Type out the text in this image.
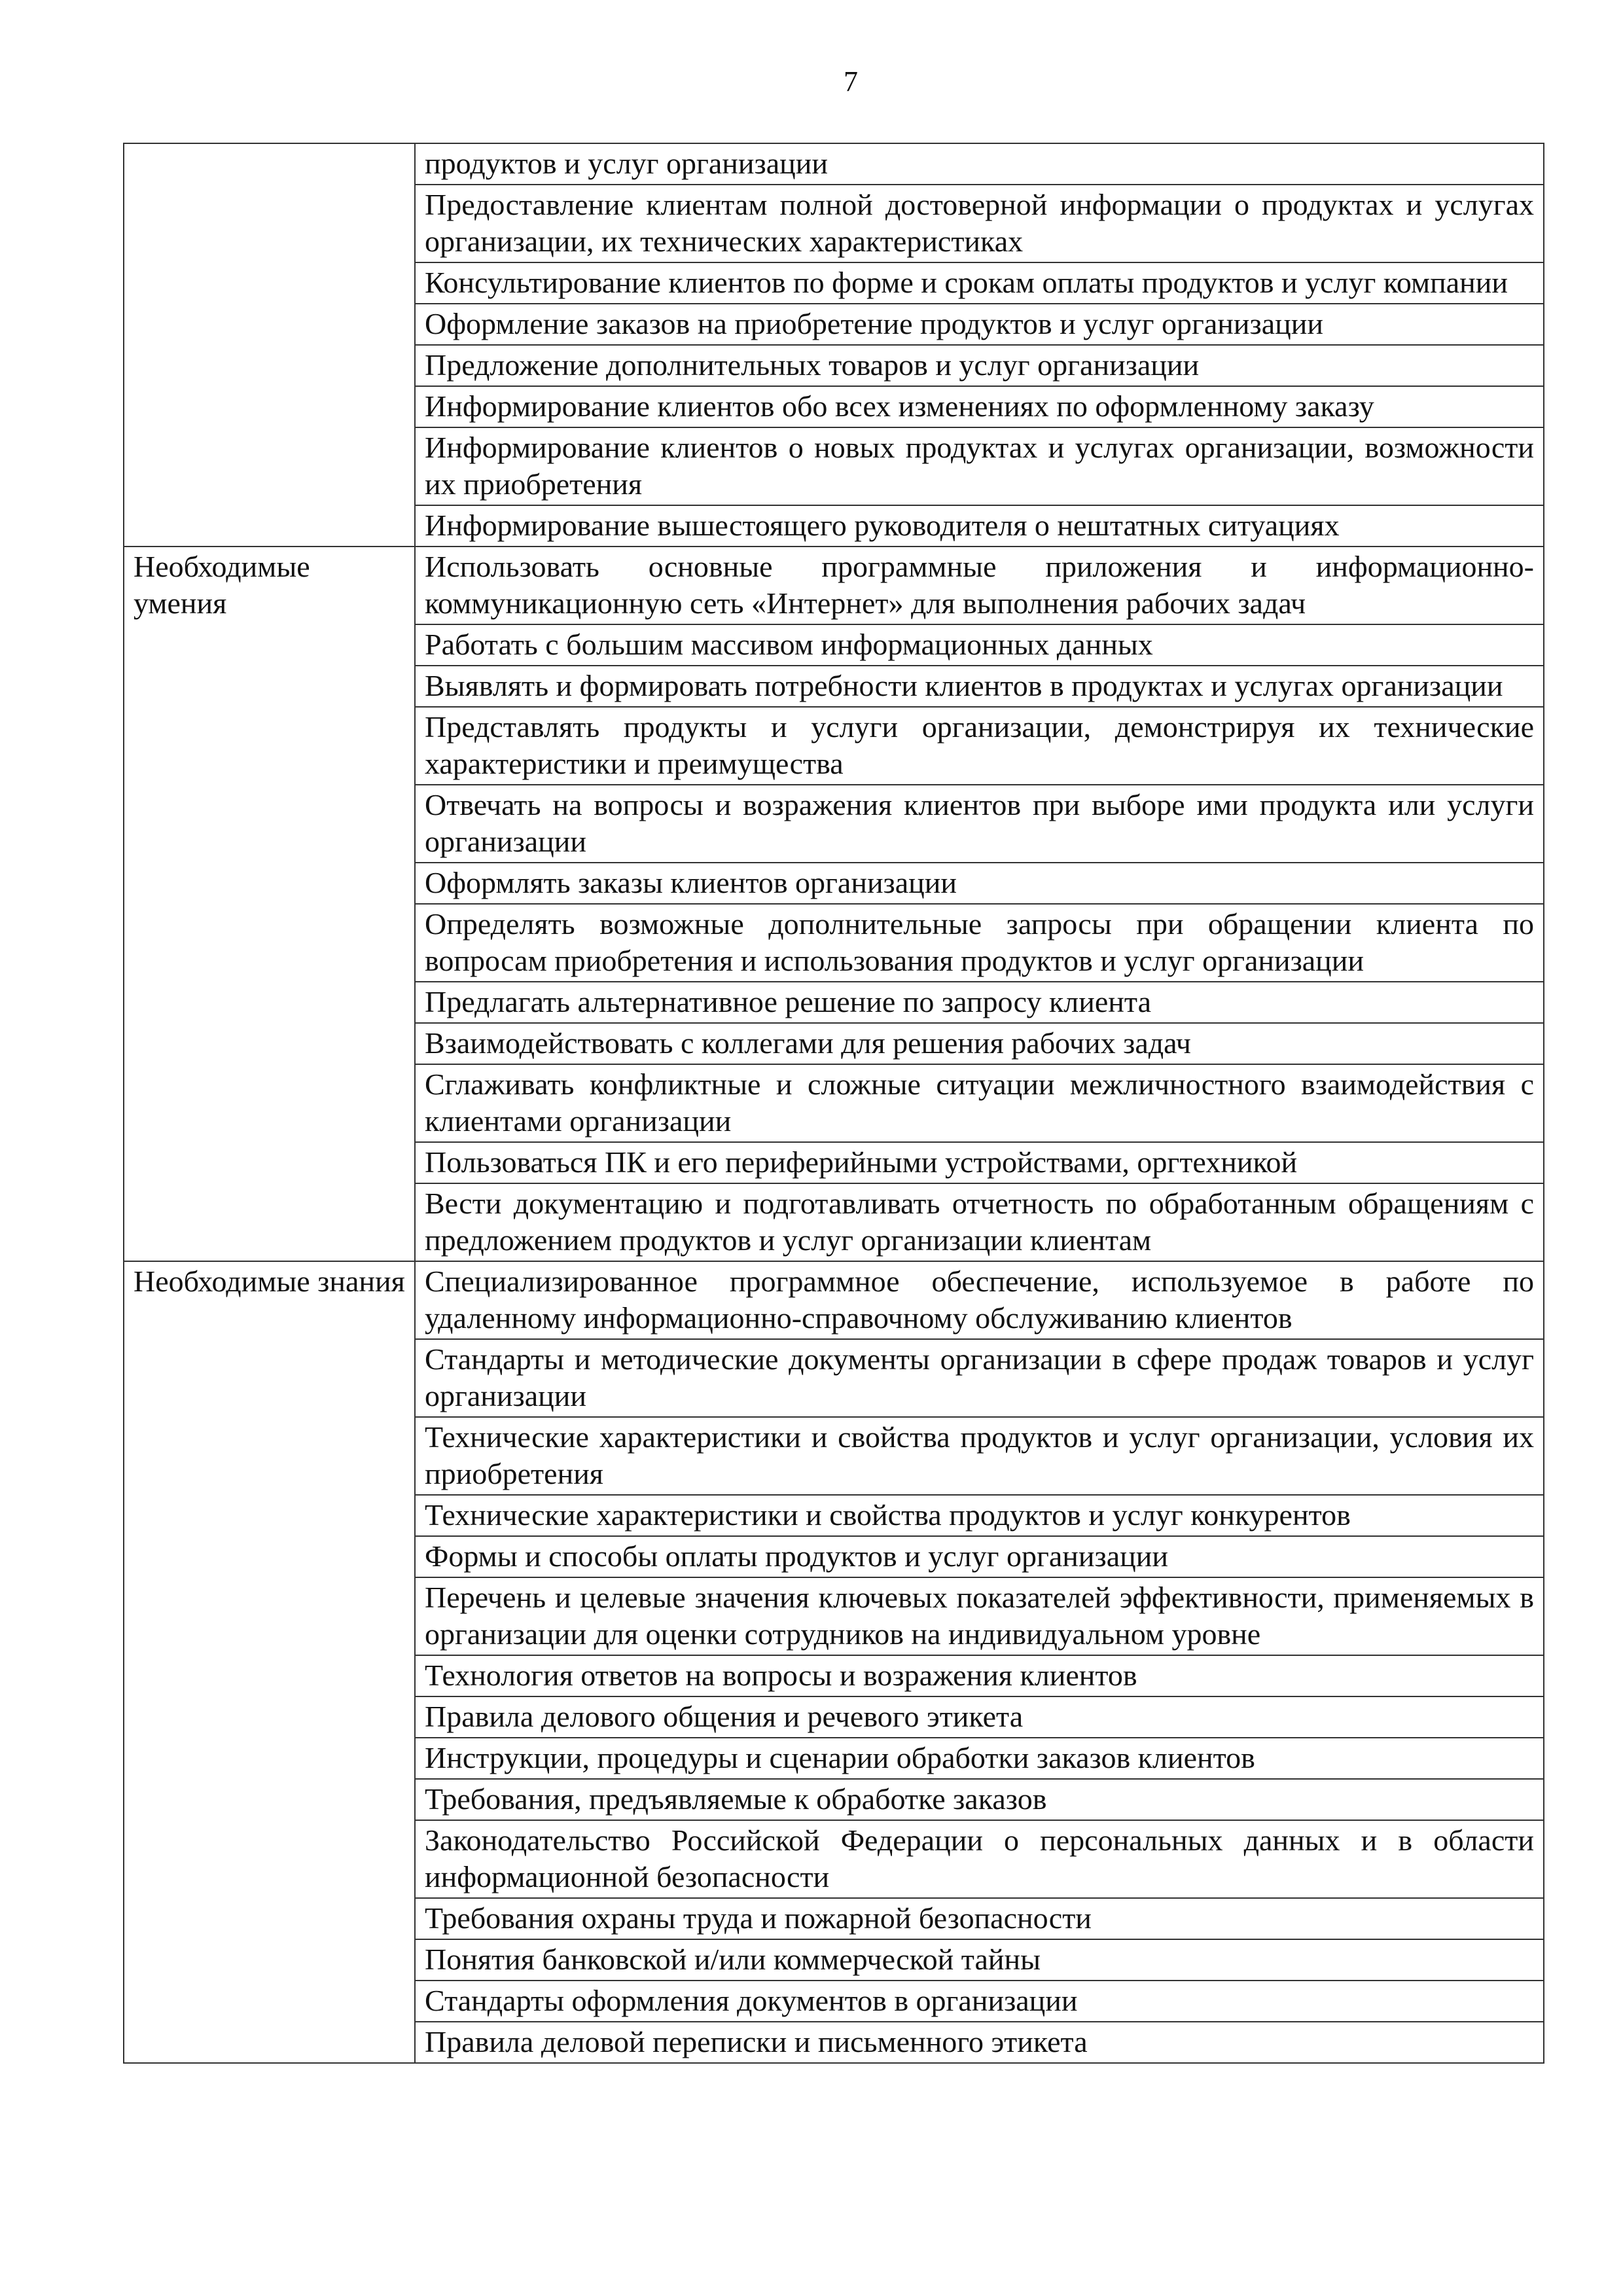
7
	продуктов и услуг организации
	Предоставление клиентам полной достоверной информации о продуктах и услугах организации, их технических характеристиках
	Консультирование клиентов по форме и срокам оплаты продуктов и услуг компании
	Оформление заказов на приобретение продуктов и услуг организации
	Предложение дополнительных товаров и услуг организации
	Информирование клиентов обо всех изменениях по оформленному заказу
	Информирование клиентов о новых продуктах и услугах организации, возможности их приобретения
	Информирование вышестоящего руководителя о нештатных ситуациях
Необходимые умения	Использовать основные программные приложения и информационно-коммуникационную сеть «Интернет» для выполнения рабочих задач
	Работать с большим массивом информационных данных
	Выявлять и формировать потребности клиентов в продуктах и услугах организации
	Представлять продукты и услуги организации, демонстрируя их технические характеристики и преимущества
	Отвечать на вопросы и возражения клиентов при выборе ими продукта или услуги организации
	Оформлять заказы клиентов организации
	Определять возможные дополнительные запросы при обращении клиента по вопросам приобретения и использования продуктов и услуг организации
	Предлагать альтернативное решение по запросу клиента
	Взаимодействовать с коллегами для решения рабочих задач
	Сглаживать конфликтные и сложные ситуации межличностного взаимодействия с клиентами организации
	Пользоваться ПК и его периферийными устройствами, оргтехникой
	Вести документацию и подготавливать отчетность по обработанным обращениям с предложением продуктов и услуг организации клиентам
Необходимые знания	Специализированное программное обеспечение, используемое в работе по удаленному информационно-справочному обслуживанию клиентов
	Стандарты и методические документы организации в сфере продаж товаров и услуг организации
	Технические характеристики и свойства продуктов и услуг организации, условия их приобретения
	Технические характеристики и свойства продуктов и услуг конкурентов
	Формы и способы оплаты продуктов и услуг организации
	Перечень и целевые значения ключевых показателей эффективности, применяемых в организации для оценки сотрудников на индивидуальном уровне
	Технология ответов на вопросы и возражения клиентов
	Правила делового общения и речевого этикета
	Инструкции, процедуры и сценарии обработки заказов клиентов
	Требования, предъявляемые к обработке заказов
	Законодательство Российской Федерации о персональных данных и в области информационной безопасности
	Требования охраны труда и пожарной безопасности
	Понятия банковской и/или коммерческой тайны
	Стандарты оформления документов в организации
	Правила деловой переписки и письменного этикета
